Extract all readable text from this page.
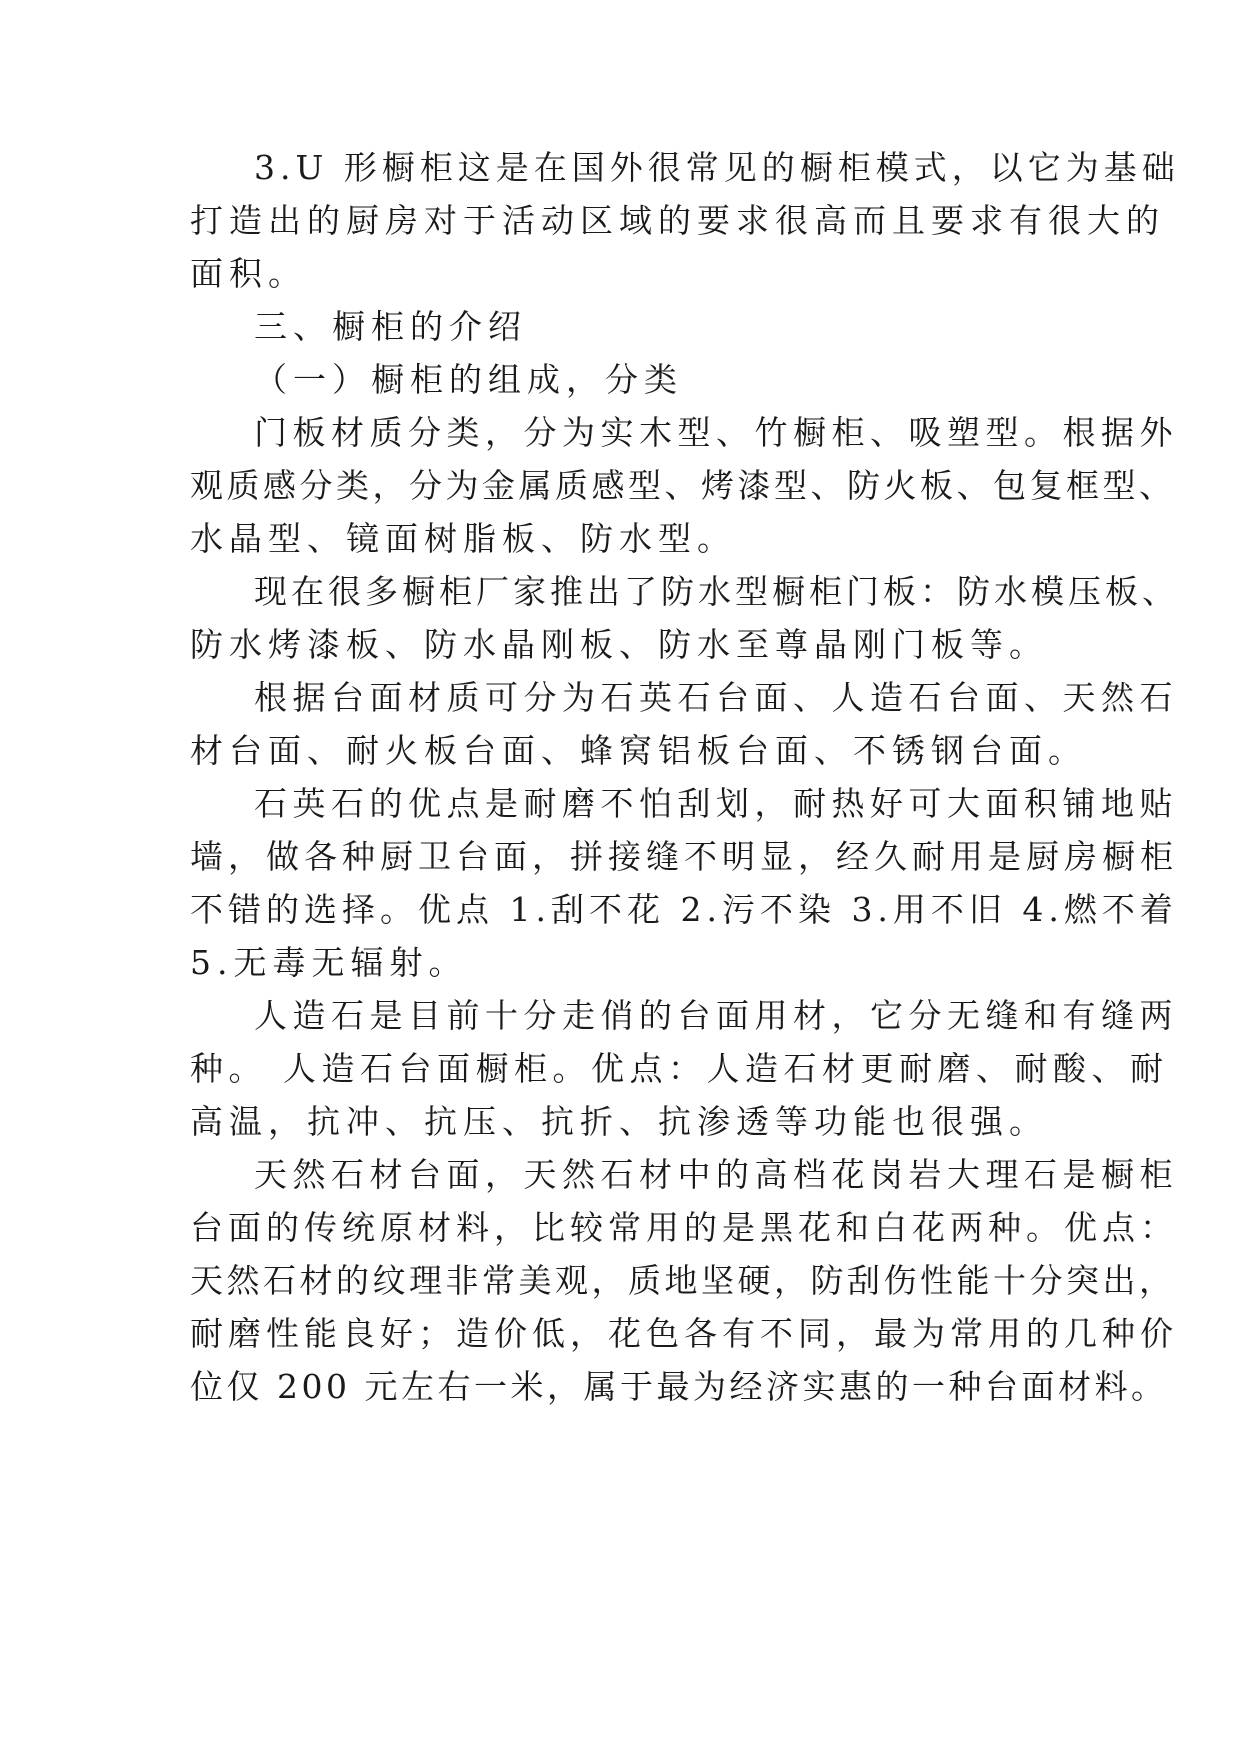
3.U 形橱柜这是在国外很常见的橱柜模式，以它为基础
打造出的厨房对于活动区域的要求很高而且要求有很大的
面积。
三、橱柜的介绍
（一）橱柜的组成，分类
门板材质分类，分为实木型、竹橱柜、吸塑型。根据外
观质感分类，分为金属质感型、烤漆型、防火板、包复框型、
水晶型、镜面树脂板、防水型。
现在很多橱柜厂家推出了防水型橱柜门板：防水模压板、
防水烤漆板、防水晶刚板、防水至尊晶刚门板等。
根据台面材质可分为石英石台面、人造石台面、天然石
材台面、耐火板台面、蜂窝铝板台面、不锈钢台面。
石英石的优点是耐磨不怕刮划，耐热好可大面积铺地贴
墙，做各种厨卫台面，拼接缝不明显，经久耐用是厨房橱柜
不错的选择。优点 1.刮不花 2.污不染 3.用不旧 4.燃不着
5.无毒无辐射。
人造石是目前十分走俏的台面用材，它分无缝和有缝两
种。 人造石台面橱柜。优点：人造石材更耐磨、耐酸、耐
高温，抗冲、抗压、抗折、抗渗透等功能也很强。
天然石材台面，天然石材中的高档花岗岩大理石是橱柜
台面的传统原材料，比较常用的是黑花和白花两种。优点：
天然石材的纹理非常美观，质地坚硬，防刮伤性能十分突出，
耐磨性能良好；造价低，花色各有不同，最为常用的几种价
位仅 200 元左右一米，属于最为经济实惠的一种台面材料。
